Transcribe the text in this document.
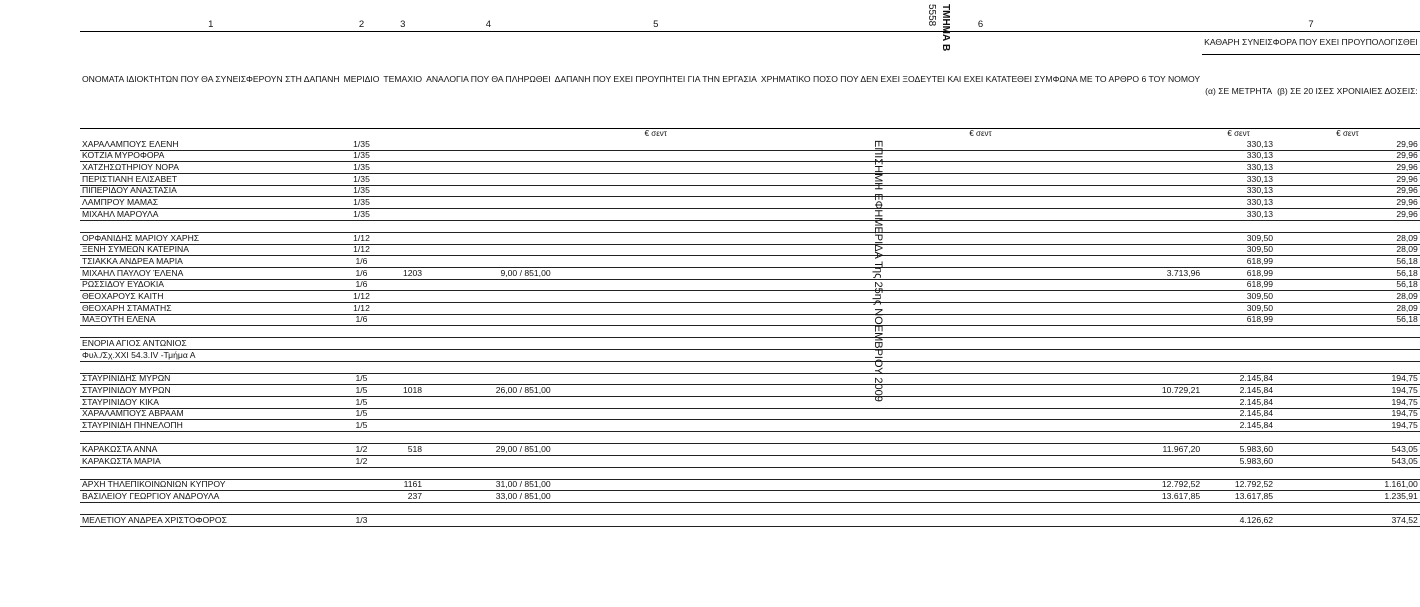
1	2	3	4	5	6	7	
ΟΝΟΜΑΤΑ ΙΔΙΟΚΤΗΤΩΝ ΠΟΥ ΘΑ ΣΥΝΕΙΣΦΕΡΟΥΝ ΣΤΗ ΔΑΠΑΝΗ	ΜΕΡΙΔΙΟ	ΤΕΜΑΧΙΟ	ΑΝΑΛΟΓΙΑ ΠΟΥ ΘΑ ΠΛΗΡΩΘΕΙ	ΔΑΠΑΝΗ ΠΟΥ ΕΧΕΙ ΠΡΟΥΠΗΤΕΙ ΓΙΑ ΤΗΝ ΕΡΓΑΣΙΑ	ΧΡΗΜΑΤΙΚΟ ΠΟΣΟ ΠΟΥ ΔΕΝ ΕΧΕΙ ΞΟΔΕΥΤΕΙ ΚΑΙ ΕΧΕΙ ΚΑΤΑΤΕΘΕΙ ΣΥΜΦΩΝΑ ΜΕ ΤΟ ΑΡΘΡΟ 6 ΤΟΥ ΝΟΜΟΥ	ΚΑΘΑΡΗ ΣΥΝΕΙΣΦΟΡΑ ΠΟΥ ΕΧΕΙ ΠΡΟΥΠΟΛΟΓΙΣΘΕΙ	
						(α) ΣΕ ΜΕΤΡΗΤΑ	(β) ΣΕ 20 ΙΣΕΣ ΧΡΟΝΙΑΙΕΣ ΔΟΣΕΙΣ:
				€ σεντ	€ σεντ	€ σεντ	€ σεντ
ΧΑΡΑΛΑΜΠΟΥΣ ΕΛΕΝΗ	1/35					330,13	29,96
ΚΟΤΖΙΑ ΜΥΡΟΦΟΡΑ	1/35					330,13	29,96
ΧΑΤΖΗΣΩΤΗΡΙΟΥ ΝΟΡΑ	1/35					330,13	29,96
ΠΕΡΙΣΤΙΑΝΗ ΕΛΙΣΑΒΕΤ	1/35					330,13	29,96
ΠΙΠΕΡΙΔΟΥ ΑΝΑΣΤΑΣΙΑ	1/35					330,13	29,96
ΛΑΜΠΡΟΥ ΜΑΜΑΣ	1/35					330,13	29,96
ΜΙΧΑΗΛ ΜΑΡΟΥΛΑ	1/35					330,13	29,96

ΟΡΦΑΝΙΔΗΣ ΜΑΡΙΟΥ ΧΑΡΗΣ	1/12					309,50	28,09
ΞΕΝΗ ΣΥΜΕΩΝ ΚΑΤΕΡΙΝΑ	1/12					309,50	28,09
ΤΣΙΑΚΚΑ ΑΝΔΡΕΑ ΜΑΡΙΑ	1/6					618,99	56,18
ΜΙΧΑΗΛ ΠΑΥΛΟΥ ΈΛΕΝΑ	1/6	1203	9,00 / 851,00		3.713,96	618,99	56,18
ΡΩΣΣΙΔΟΥ ΕΥΔΟΚΙΑ	1/6					618,99	56,18
ΘΕΟΧΑΡΟΥΣ ΚΑΙΤΗ	1/12					309,50	28,09
ΘΕΟΧΑΡΗ ΣΤΑΜΑΤΗΣ	1/12					309,50	28,09
ΜΑΞΟΥΤΗ ΕΛΕΝΑ	1/6					618,99	56,18

ΕΝΟΡΙΑ ΑΓΙΟΣ ΑΝΤΩΝΙΟΣ							
Φυλ./Σχ.XXI 54.3.IV -Τμήμα Α							

ΣΤΑΥΡΙΝΙΔΗΣ ΜΥΡΩΝ	1/5					2.145,84	194,75
ΣΤΑΥΡΙΝΙΔΟΥ ΜΥΡΩΝ	1/5	1018	26,00 / 851,00		10.729,21	2.145,84	194,75
ΣΤΑΥΡΙΝΙΔΟΥ ΚΙΚΑ	1/5					2.145,84	194,75
ΧΑΡΑΛΑΜΠΟΥΣ ΑΒΡΑΑΜ	1/5					2.145,84	194,75
ΣΤΑΥΡΙΝΙΔΗ ΠΗΝΕΛΟΠΗ	1/5					2.145,84	194,75

ΚΑΡΑΚΩΣΤΑ ΑΝΝΑ	1/2	518	29,00 / 851,00		11.967,20	5.983,60	543,05
ΚΑΡΑΚΩΣΤΑ ΜΑΡΙΑ	1/2					5.983,60	543,05

ΑΡΧΗ ΤΗΛΕΠΙΚΟΙΝΩΝΙΩΝ ΚΥΠΡΟΥ		1161	31,00 / 851,00		12.792,52	12.792,52	1.161,00
ΒΑΣΙΛΕΙΟΥ ΓΕΩΡΓΙΟΥ ΑΝΔΡΟΥΛΑ		237	33,00 / 851,00		13.617,85	13.617,85	1.235,91

ΜΕΛΕΤΙΟΥ ΑΝΔΡΕΑ ΧΡΙΣΤΟΦΟΡΟΣ	1/3					4.126,62	374,52
5558 ΤΜΗΜΑ Β
ΕΠΙΣΗΜΗ ΕΦΗΜΕΡΙΔΑ Της 25ης ΝΟΕΜΒΡΙΟΥ 2009
